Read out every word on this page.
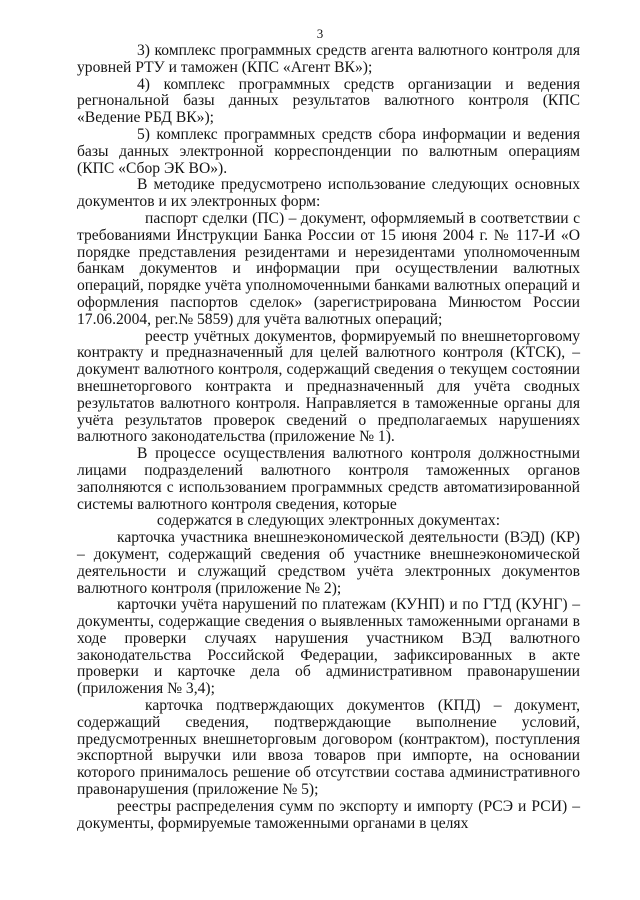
3

3) комплекс программных средств агента валютного контроля для уровней РТУ и таможен (КПС «Агент ВК»);

4) комплекс программных средств организации и ведения регнональной базы данных результатов валютного контроля (КПС «Ведение РБД ВК»);

5) комплекс программных средств сбора информации и ведения базы данных электронной корреспонденции по валютным операциям (КПС «Сбор ЭК ВО»).

В методике предусмотрено использование следующих основных документов и их электронных форм:

паспорт сделки (ПС) – документ, оформляемый в соответствии с требованиями Инструкции Банка России от 15 июня 2004 г. № 117-И «О порядке представления резидентами и нерезидентами уполномоченным банкам документов и информации при осуществлении валютных операций, порядке учёта уполномоченными банками валютных операций и оформления паспортов сделок» (зарегистрирована Минюстом России 17.06.2004, рег.№ 5859) для учёта валютных операций;

реестр учётных документов, формируемый по внешнеторговому контракту и предназначенный для целей валютного контроля (КТСК), – документ валютного контроля, содержащий сведения о текущем состоянии внешнеторгового контракта и предназначенный для учёта сводных результатов валютного контроля. Направляется в таможенные органы для учёта результатов проверок сведений о предполагаемых нарушениях валютного законодательства (приложение № 1).

В процессе осуществления валютного контроля должностными лицами подразделений валютного контроля таможенных органов заполняются с использованием программных средств автоматизированной системы валютного контроля сведения, которые

содержатся в следующих электронных документах:

карточка участника внешнеэкономической деятельности (ВЭД) (КР) – документ, содержащий сведения об участнике внешнеэкономической деятельности и служащий средством учёта электронных документов валютного контроля (приложение № 2);

карточки учёта нарушений по платежам (КУНП) и по ГТД (КУНГ) – документы, содержащие сведения о выявленных таможенными органами в ходе проверки случаях нарушения участником ВЭД валютного законодательства Российской Федерации, зафиксированных в акте проверки и карточке дела об административном правонарушении (приложения № 3,4);

карточка подтверждающих документов (КПД) – документ, содержащий сведения, подтверждающие выполнение условий, предусмотренных внешнеторговым договором (контрактом), поступления экспортной выручки или ввоза товаров при импорте, на основании которого принималось решение об отсутствии состава административного правонарушения (приложение № 5);

реестры распределения сумм по экспорту и импорту (РСЭ и РСИ) – документы, формируемые таможенными органами в целях
